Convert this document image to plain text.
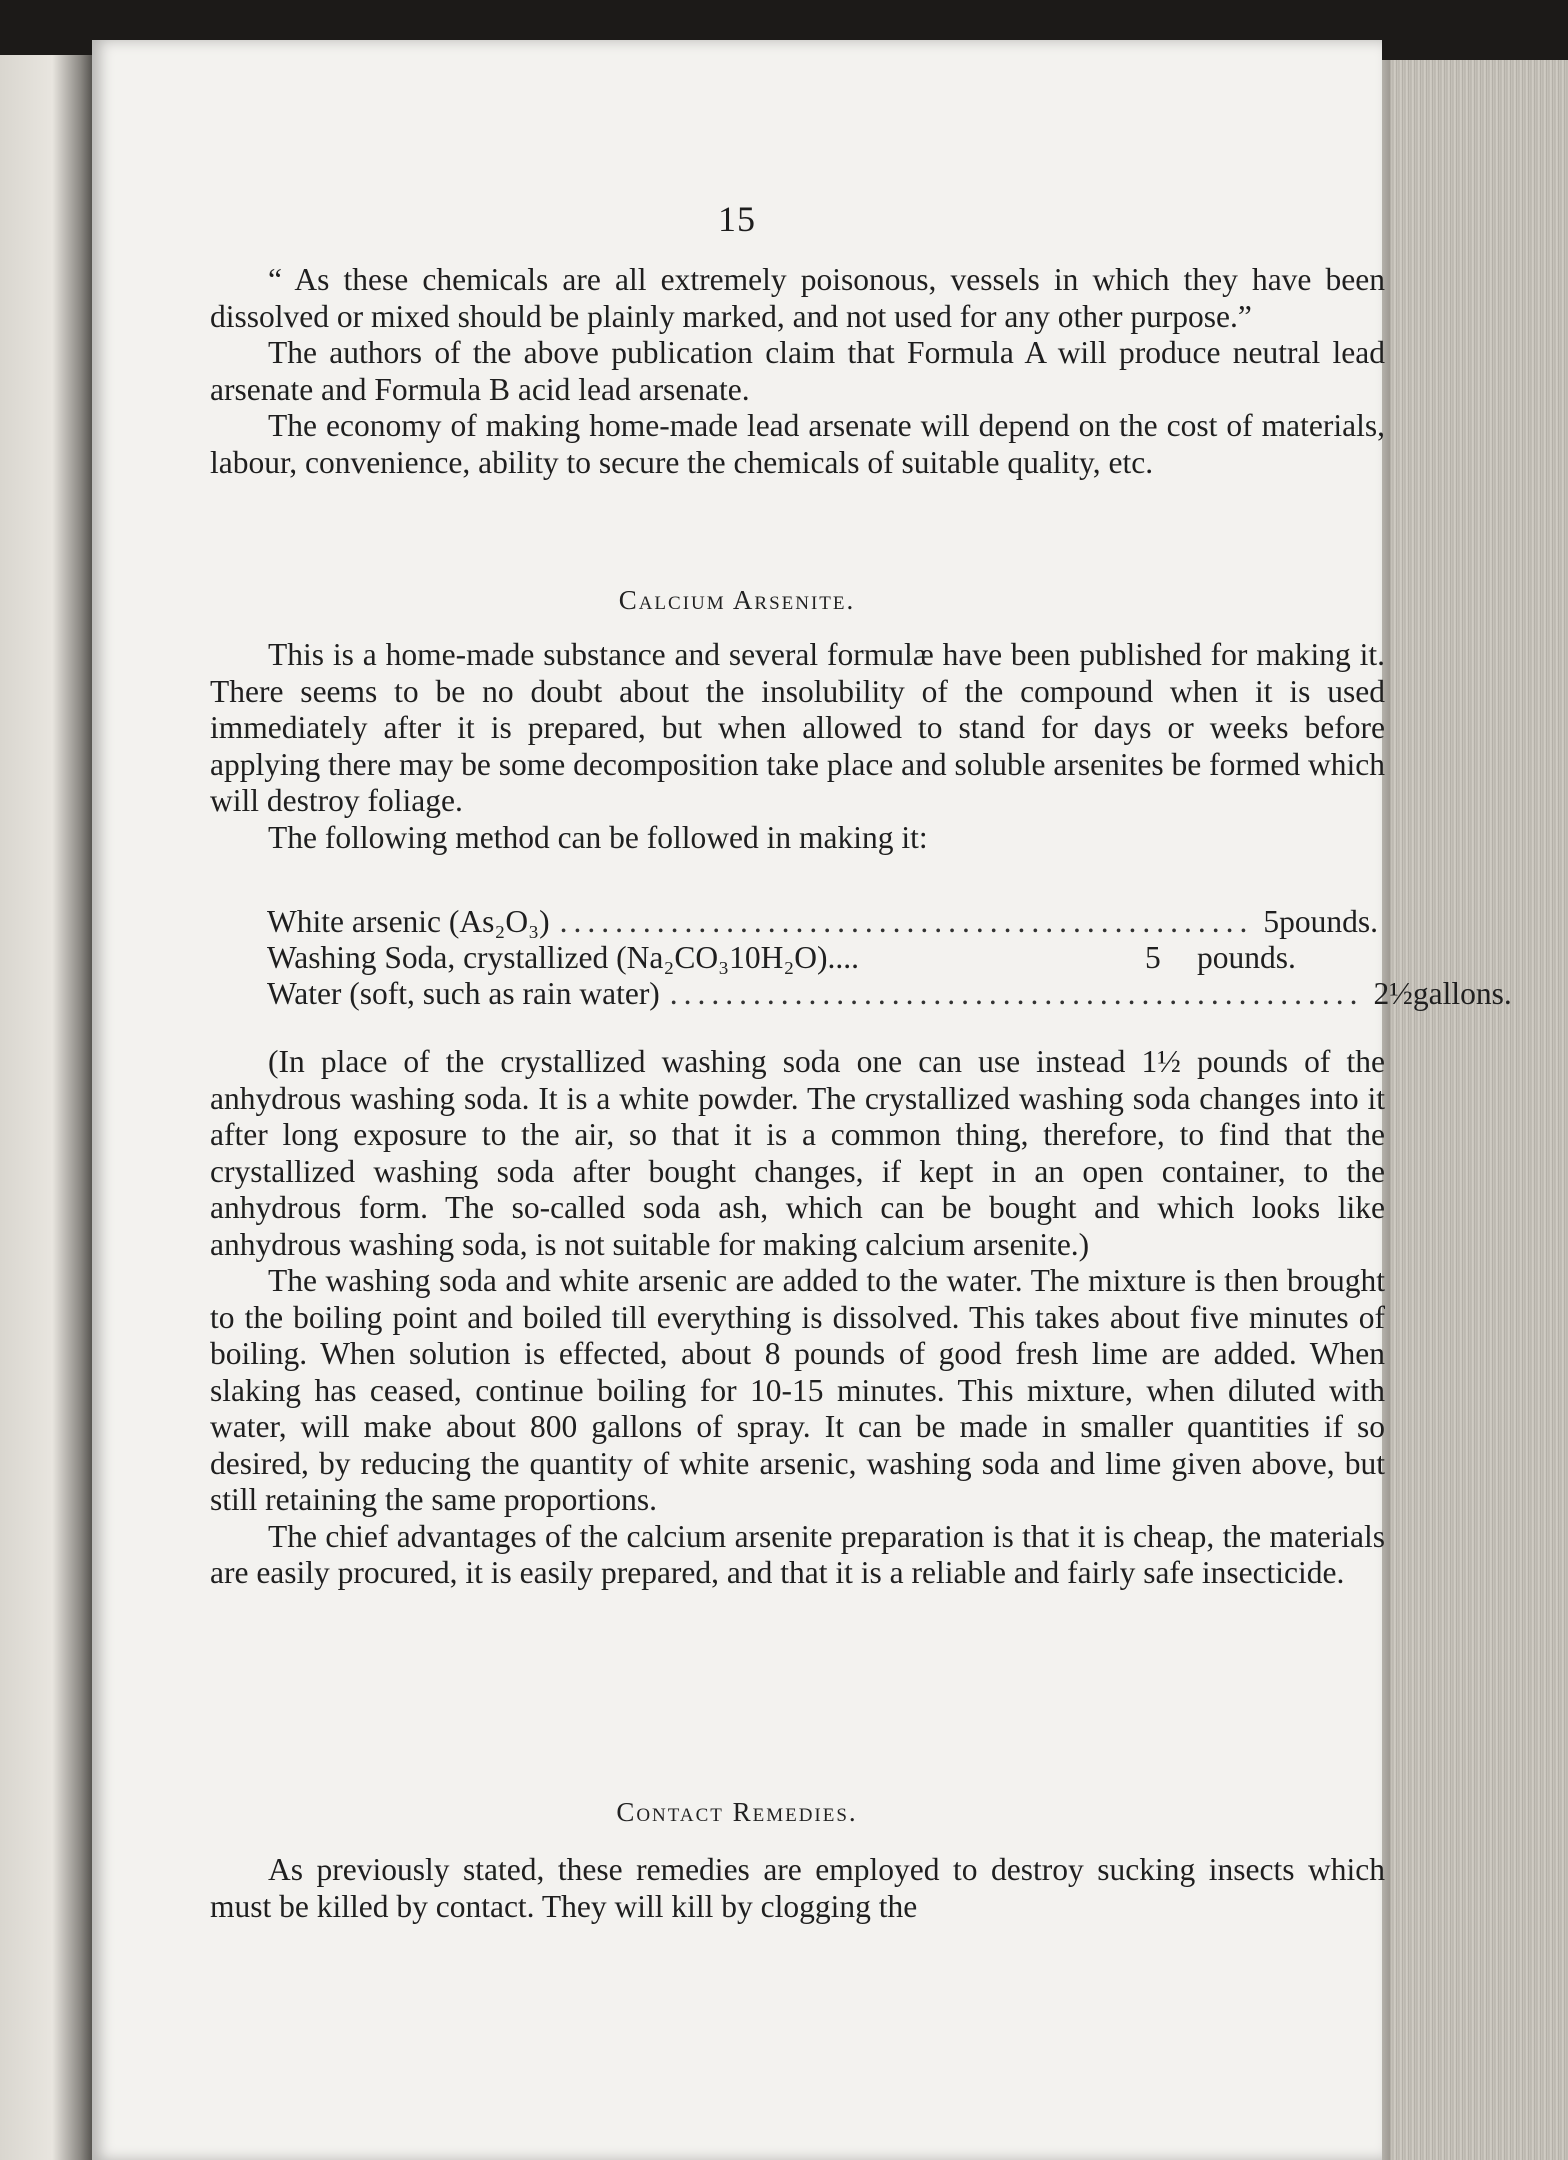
15

“ As these chemicals are all extremely poisonous, vessels in which they have been dissolved or mixed should be plainly marked, and not used for any other purpose.”

The authors of the above publication claim that Formula A will produce neutral lead arsenate and Formula B acid lead arsenate.

The economy of making home-made lead arsenate will depend on the cost of materials, labour, convenience, ability to secure the chemicals of suitable quality, etc.

Calcium Arsenite.

This is a home-made substance and several formulæ have been published for making it. There seems to be no doubt about the insolubility of the compound when it is used immediately after it is prepared, but when allowed to stand for days or weeks before applying there may be some decomposition take place and soluble arsenites be formed which will destroy foliage.

The following method can be followed in making it:

White arsenic (As₂O₃) .................................................. 5 pounds.
Washing Soda, crystallized (Na₂CO₃10H₂O)....	5	pounds.
Water (soft, such as rain water) .................................................. 2½ gallons.

(In place of the crystallized washing soda one can use instead 1½ pounds of the anhydrous washing soda. It is a white powder. The crystallized washing soda changes into it after long exposure to the air, so that it is a common thing, therefore, to find that the crystallized washing soda after bought changes, if kept in an open container, to the anhydrous form. The so-called soda ash, which can be bought and which looks like anhydrous washing soda, is not suitable for making calcium arsenite.)

The washing soda and white arsenic are added to the water. The mixture is then brought to the boiling point and boiled till everything is dissolved. This takes about five minutes of boiling. When solution is effected, about 8 pounds of good fresh lime are added. When slaking has ceased, continue boiling for 10-15 minutes. This mixture, when diluted with water, will make about 800 gallons of spray. It can be made in smaller quantities if so desired, by reducing the quantity of white arsenic, washing soda and lime given above, but still retaining the same proportions.

The chief advantages of the calcium arsenite preparation is that it is cheap, the materials are easily procured, it is easily prepared, and that it is a reliable and fairly safe insecticide.

Contact Remedies.

As previously stated, these remedies are employed to destroy sucking insects which must be killed by contact. They will kill by clogging the
